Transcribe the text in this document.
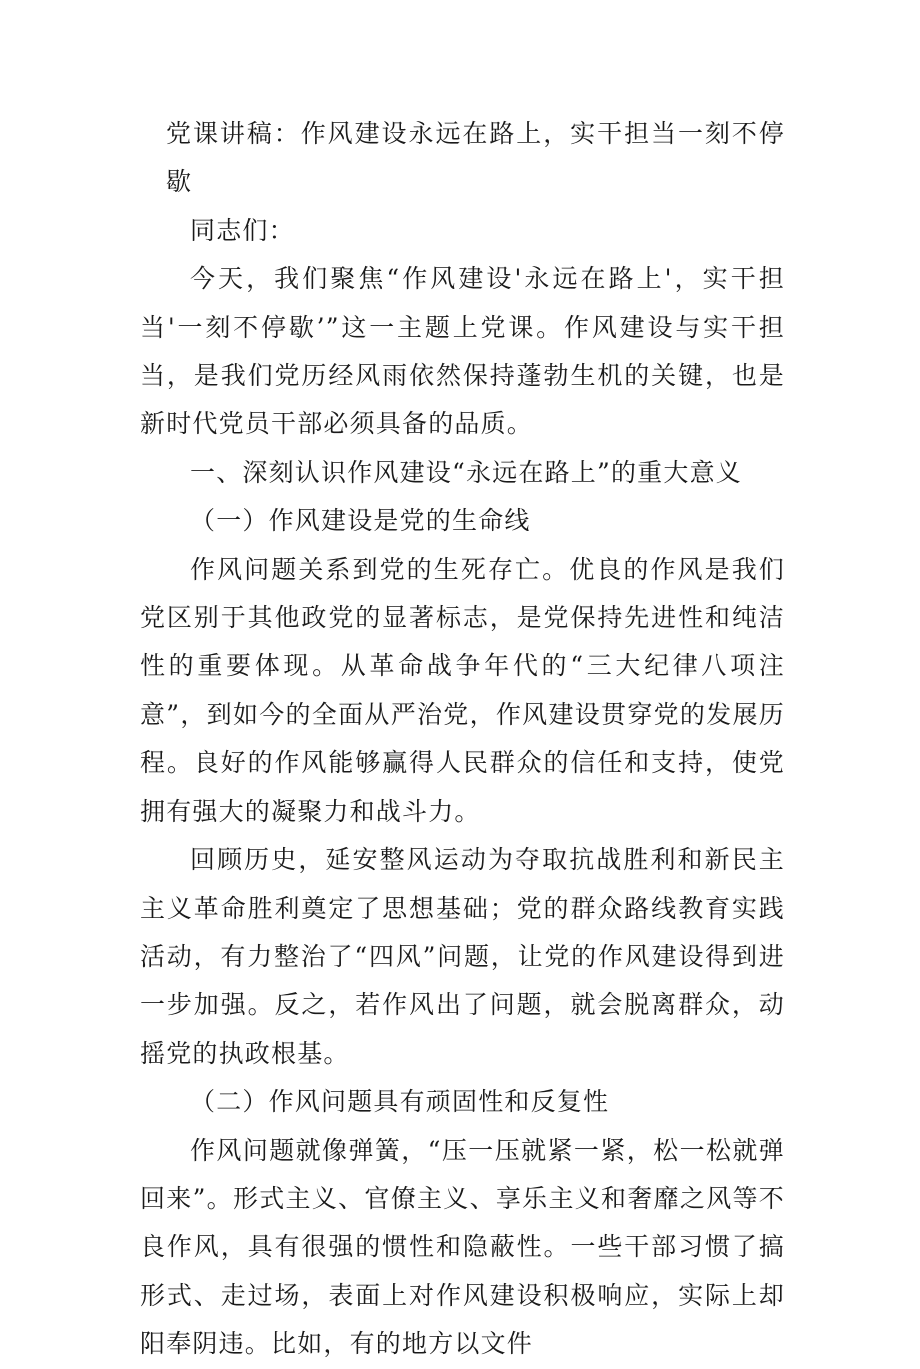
党课讲稿：作风建设永远在路上，实干担当一刻不停歇

同志们：

今天，我们聚焦“作风建设'永远在路上'，实干担当'一刻不停歇’”这一主题上党课。作风建设与实干担当，是我们党历经风雨依然保持蓬勃生机的关键，也是新时代党员干部必须具备的品质。

一、深刻认识作风建设“永远在路上”的重大意义

（一）作风建设是党的生命线

作风问题关系到党的生死存亡。优良的作风是我们党区别于其他政党的显著标志，是党保持先进性和纯洁性的重要体现。从革命战争年代的“三大纪律八项注意”，到如今的全面从严治党，作风建设贯穿党的发展历程。良好的作风能够赢得人民群众的信任和支持，使党拥有强大的凝聚力和战斗力。

回顾历史，延安整风运动为夺取抗战胜利和新民主主义革命胜利奠定了思想基础；党的群众路线教育实践活动，有力整治了“四风”问题，让党的作风建设得到进一步加强。反之，若作风出了问题，就会脱离群众，动摇党的执政根基。

（二）作风问题具有顽固性和反复性

作风问题就像弹簧，“压一压就紧一紧，松一松就弹回来”。形式主义、官僚主义、享乐主义和奢靡之风等不良作风，具有很强的惯性和隐蔽性。一些干部习惯了搞形式、走过场，表面上对作风建设积极响应，实际上却阳奉阴违。比如，有的地方以文件
